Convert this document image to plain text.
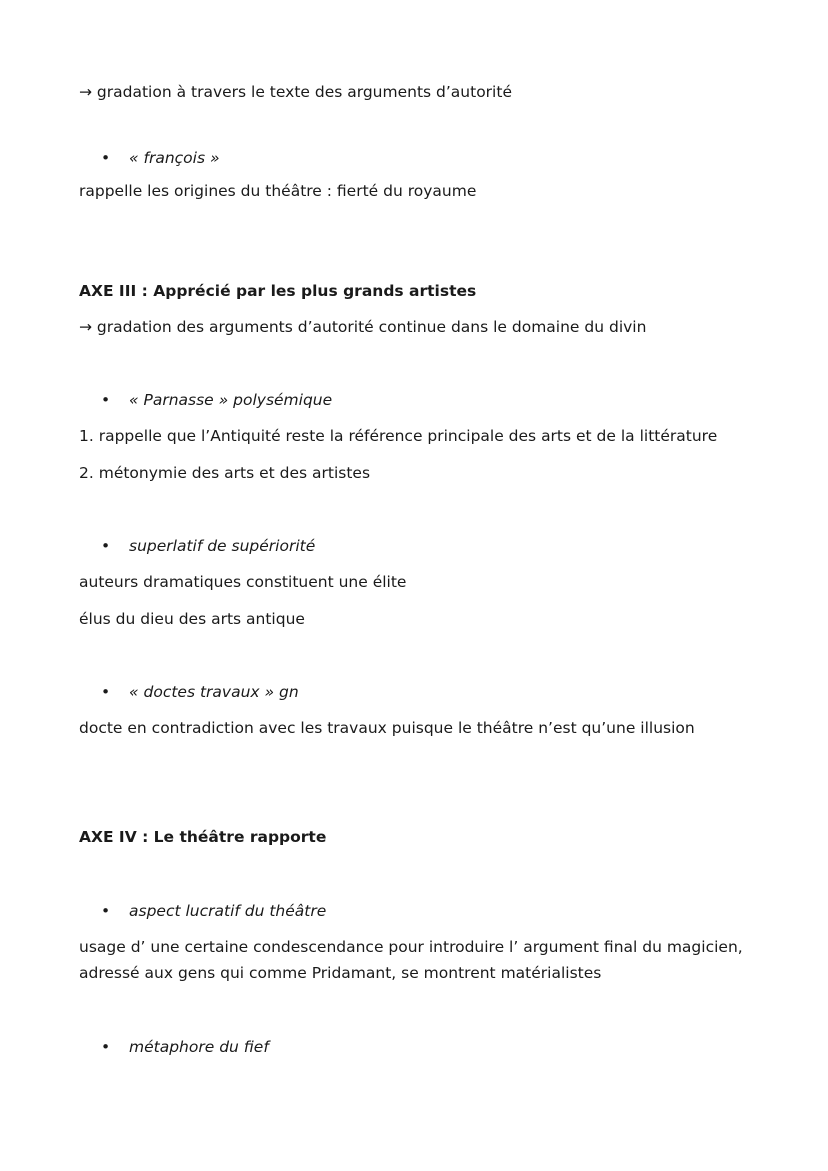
→ gradation à travers le texte des arguments d’autorité
• « françois »
rappelle les origines du théâtre : fierté du royaume
AXE III : Apprécié par les plus grands artistes
→ gradation des arguments d’autorité continue dans le domaine du divin
• « Parnasse » polysémique
1. rappelle que l’Antiquité reste la référence principale des arts et de la littérature
2. métonymie des arts et des artistes
• superlatif de supériorité
auteurs dramatiques constituent une élite
élus du dieu des arts antique
• « doctes travaux » gn
docte en contradiction avec les travaux puisque le théâtre n’est qu’une illusion
AXE IV : Le théâtre rapporte
• aspect lucratif du théâtre
usage d’ une certaine condescendance pour introduire l’ argument final du magicien,
adressé aux gens qui comme Pridamant, se montrent matérialistes
• métaphore du fief
